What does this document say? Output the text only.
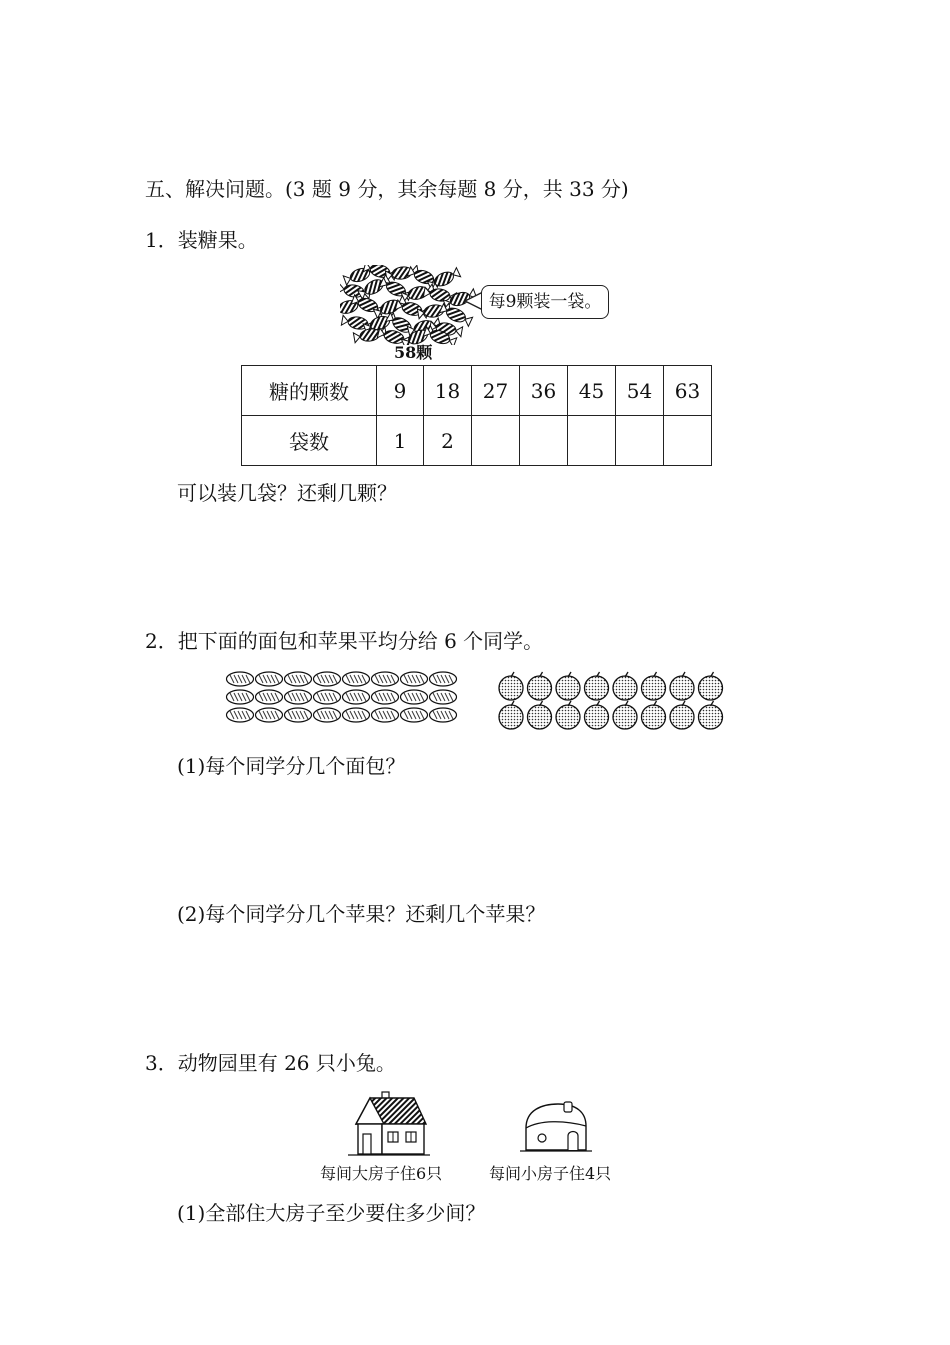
五、解决问题。(3 题 9 分，其余每题 8 分，共 33 分)
1．装糖果。
每9颗装一袋。
58颗
糖的颗数	9	18	27	36	45	54	63
袋数	1	2					
可以装几袋？还剩几颗？
2．把下面的面包和苹果平均分给 6 个同学。
(1)每个同学分几个面包？
(2)每个同学分几个苹果？还剩几个苹果？
3．动物园里有 26 只小兔。
每间大房子住6只	每间小房子住4只
(1)全部住大房子至少要住多少间？
